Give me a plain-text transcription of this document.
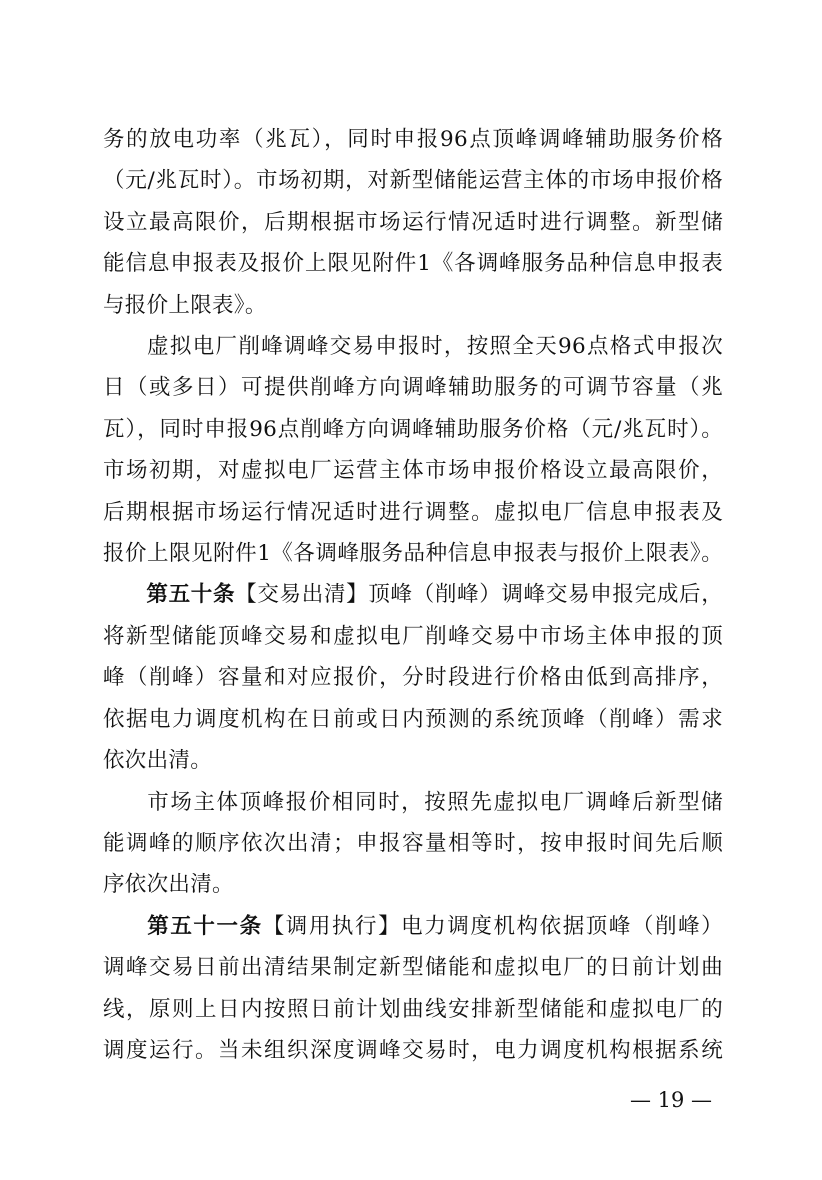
务的放电功率（兆瓦），同时申报96点顶峰调峰辅助服务价格

（元/兆瓦时）。市场初期，对新型储能运营主体的市场申报价格

设立最高限价，后期根据市场运行情况适时进行调整。新型储

能信息申报表及报价上限见附件1《各调峰服务品种信息申报表

与报价上限表》。

虚拟电厂削峰调峰交易申报时，按照全天96点格式申报次

日（或多日）可提供削峰方向调峰辅助服务的可调节容量（兆

瓦），同时申报96点削峰方向调峰辅助服务价格（元/兆瓦时）。

市场初期，对虚拟电厂运营主体市场申报价格设立最高限价，

后期根据市场运行情况适时进行调整。虚拟电厂信息申报表及

报价上限见附件1《各调峰服务品种信息申报表与报价上限表》。

第五十条【交易出清】顶峰（削峰）调峰交易申报完成后，

将新型储能顶峰交易和虚拟电厂削峰交易中市场主体申报的顶

峰（削峰）容量和对应报价，分时段进行价格由低到高排序，

依据电力调度机构在日前或日内预测的系统顶峰（削峰）需求

依次出清。

市场主体顶峰报价相同时，按照先虚拟电厂调峰后新型储

能调峰的顺序依次出清；申报容量相等时，按申报时间先后顺

序依次出清。

第五十一条【调用执行】电力调度机构依据顶峰（削峰）

调峰交易日前出清结果制定新型储能和虚拟电厂的日前计划曲

线，原则上日内按照日前计划曲线安排新型储能和虚拟电厂的

调度运行。当未组织深度调峰交易时，电力调度机构根据系统

— 19 —
